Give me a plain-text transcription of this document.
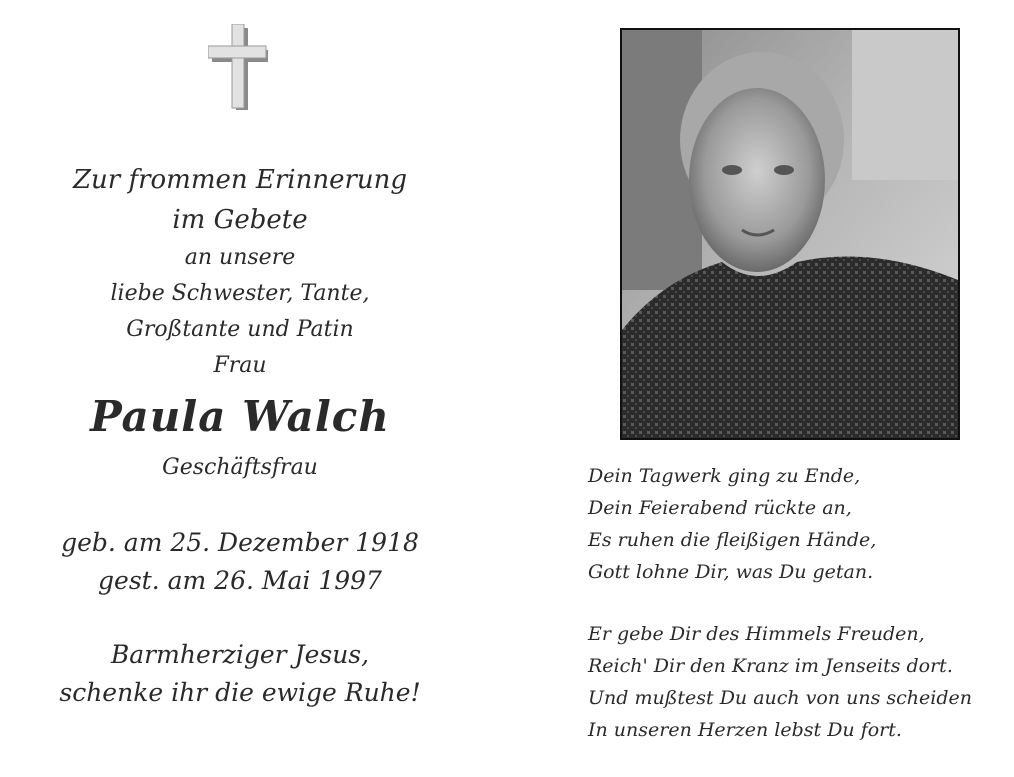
Zur frommen Erinnerung
im Gebete
an unsere
liebe Schwester, Tante,
Großtante und Patin
Frau
Paula Walch
Geschäftsfrau
geb. am 25. Dezember 1918
gest. am 26. Mai 1997
Barmherziger Jesus,
schenke ihr die ewige Ruhe!
Dein Tagwerk ging zu Ende,
Dein Feierabend rückte an,
Es ruhen die fleißigen Hände,
Gott lohne Dir, was Du getan.
Er gebe Dir des Himmels Freuden,
Reich' Dir den Kranz im Jenseits dort.
Und mußtest Du auch von uns scheiden
In unseren Herzen lebst Du fort.
